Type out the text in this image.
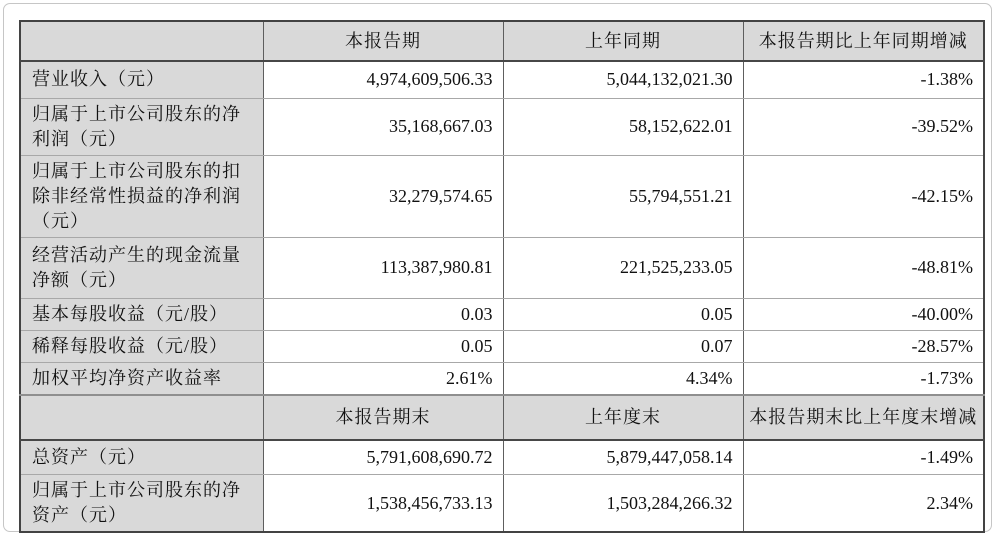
	本报告期	上年同期	本报告期比上年同期增减
营业收入（元）	4,974,609,506.33	5,044,132,021.30	-1.38%
归属于上市公司股东的净利润（元）	35,168,667.03	58,152,622.01	-39.52%
归属于上市公司股东的扣除非经常性损益的净利润（元）	32,279,574.65	55,794,551.21	-42.15%
经营活动产生的现金流量净额（元）	113,387,980.81	221,525,233.05	-48.81%
基本每股收益（元/股）	0.03	0.05	-40.00%
稀释每股收益（元/股）	0.05	0.07	-28.57%
加权平均净资产收益率	2.61%	4.34%	-1.73%
	本报告期末	上年度末	本报告期末比上年度末增减
总资产（元）	5,791,608,690.72	5,879,447,058.14	-1.49%
归属于上市公司股东的净资产（元）	1,538,456,733.13	1,503,284,266.32	2.34%
